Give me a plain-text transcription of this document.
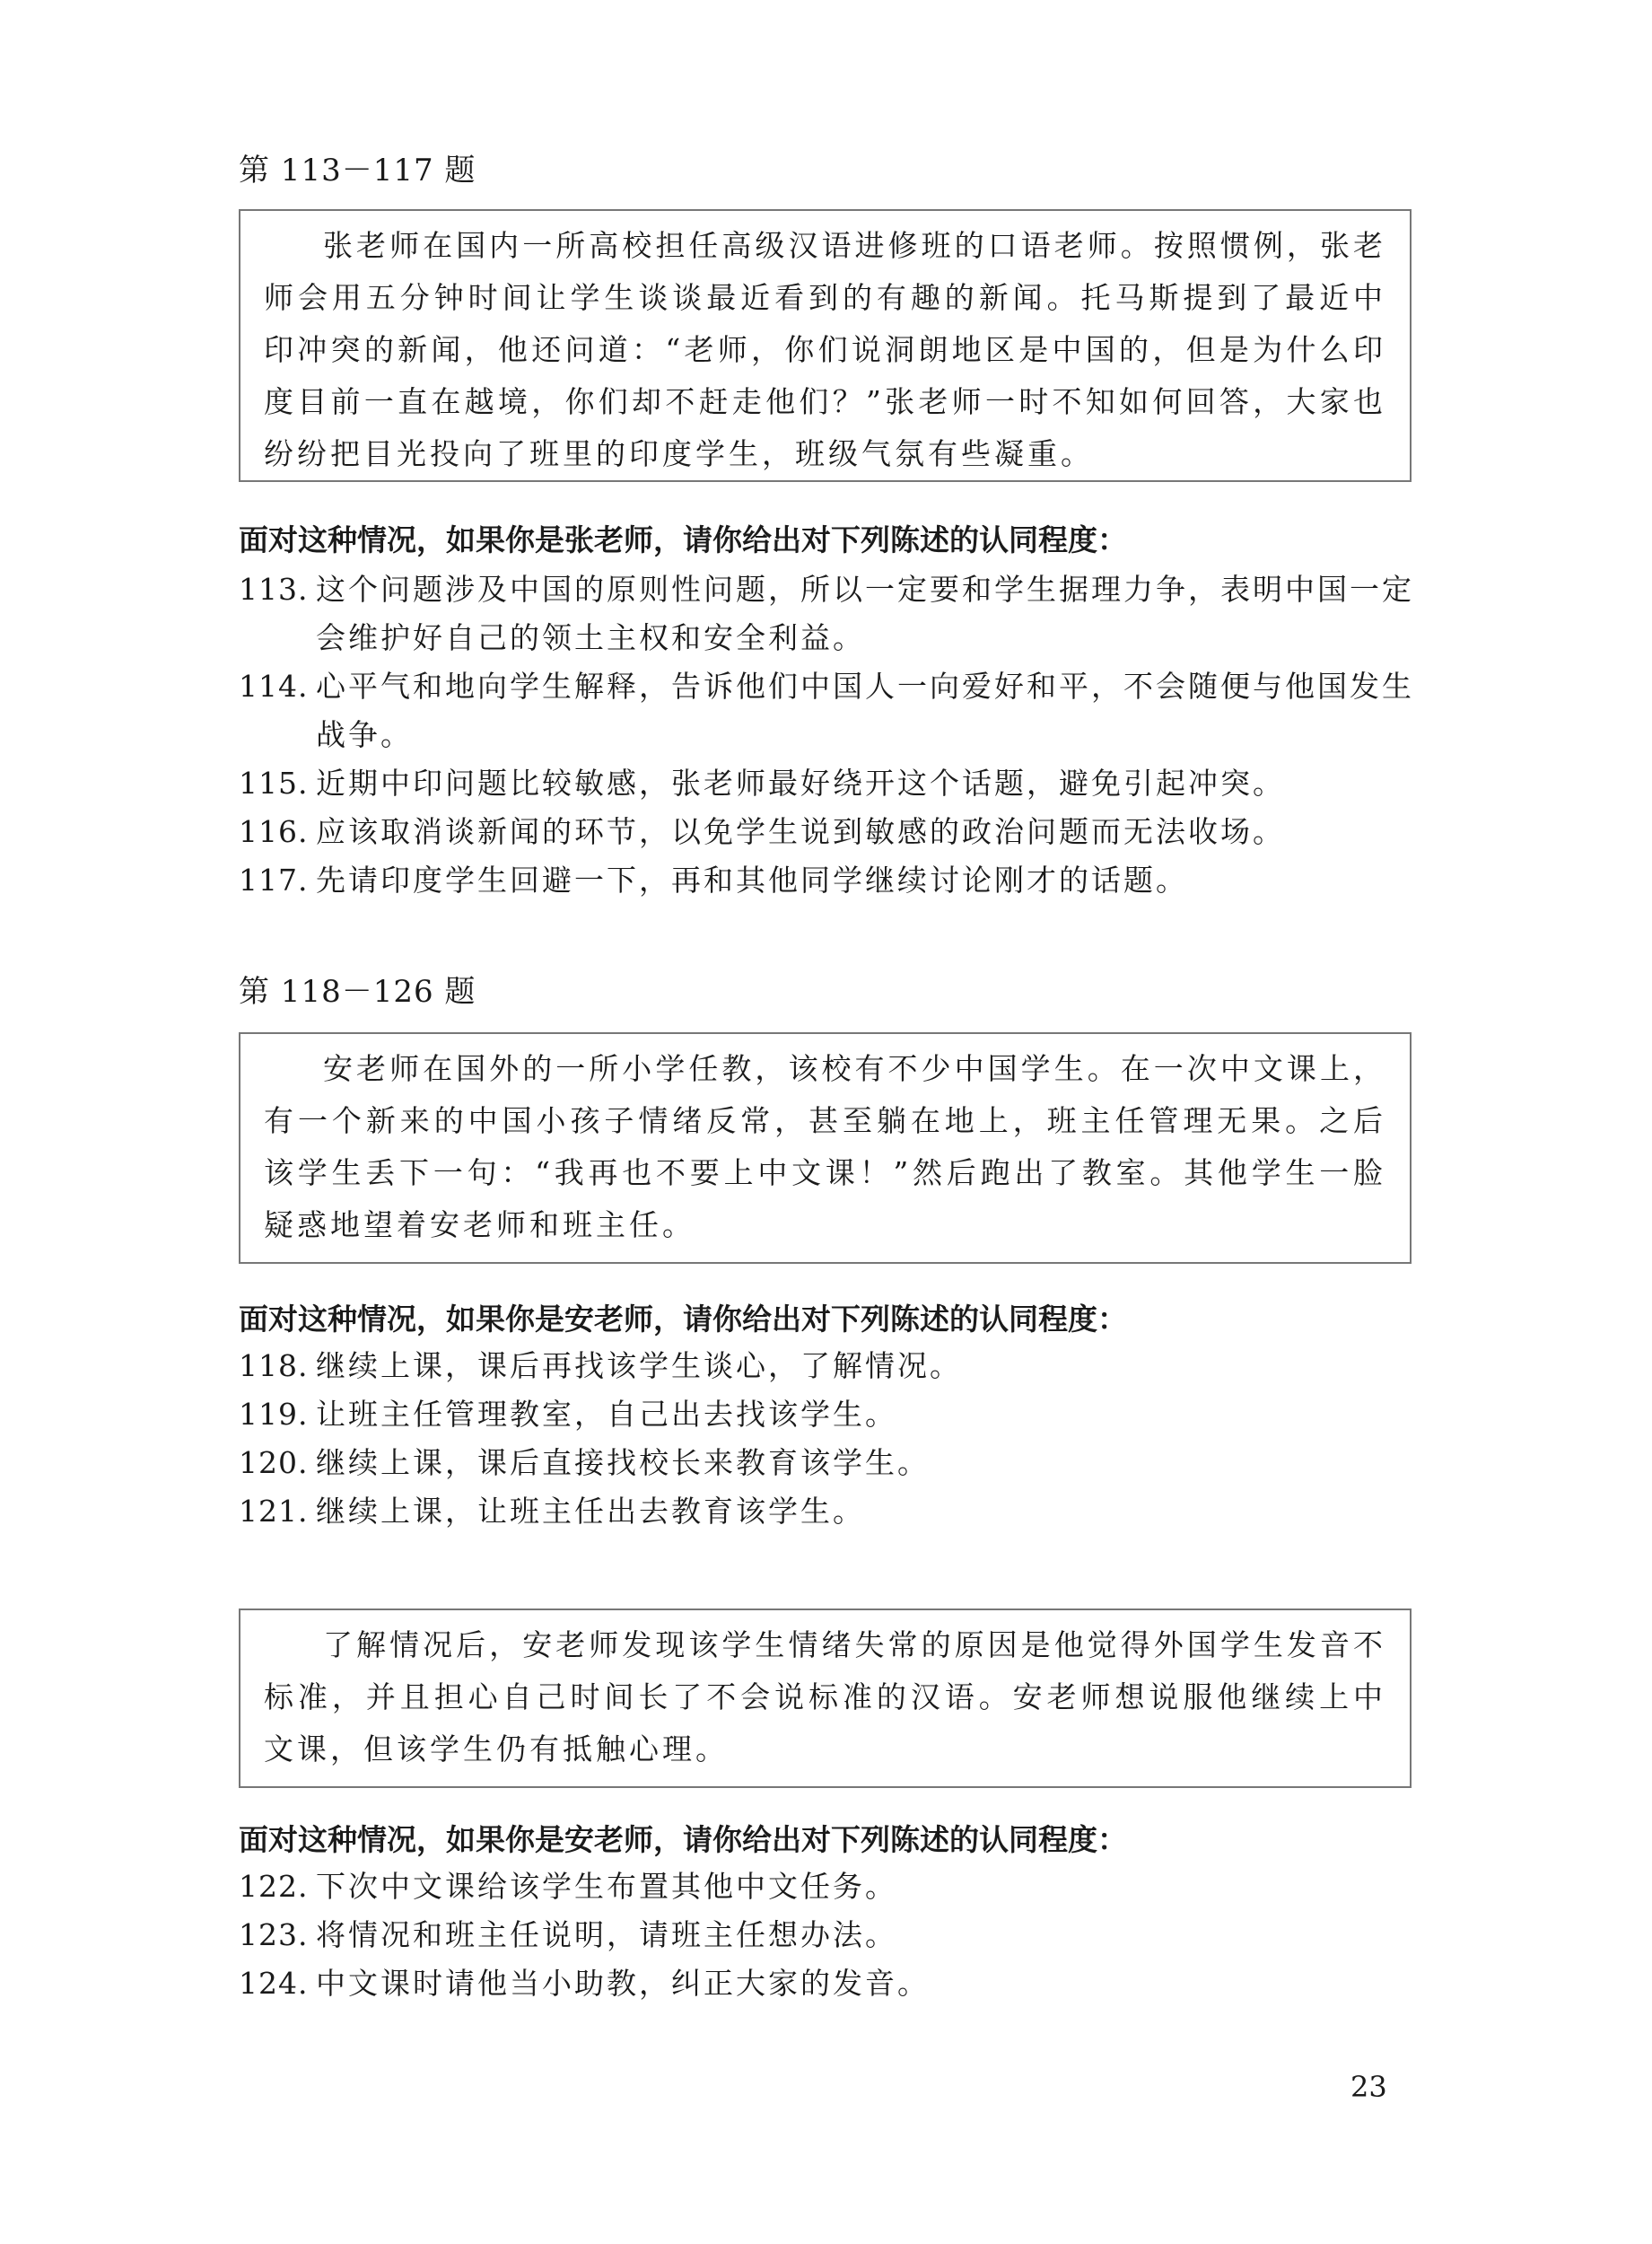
第 113－117 题
张老师在国内一所高校担任高级汉语进修班的口语老师。按照惯例，张老师会用五分钟时间让学生谈谈最近看到的有趣的新闻。托马斯提到了最近中印冲突的新闻，他还问道：“老师，你们说洞朗地区是中国的，但是为什么印度目前一直在越境，你们却不赶走他们？”张老师一时不知如何回答，大家也纷纷把目光投向了班里的印度学生，班级气氛有些凝重。
面对这种情况，如果你是张老师，请你给出对下列陈述的认同程度：
113. 这个问题涉及中国的原则性问题，所以一定要和学生据理力争，表明中国一定会维护好自己的领土主权和安全利益。
114. 心平气和地向学生解释，告诉他们中国人一向爱好和平，不会随便与他国发生战争。
115. 近期中印问题比较敏感，张老师最好绕开这个话题，避免引起冲突。
116. 应该取消谈新闻的环节，以免学生说到敏感的政治问题而无法收场。
117. 先请印度学生回避一下，再和其他同学继续讨论刚才的话题。
第 118－126 题
安老师在国外的一所小学任教，该校有不少中国学生。在一次中文课上，有一个新来的中国小孩子情绪反常，甚至躺在地上，班主任管理无果。之后该学生丢下一句：“我再也不要上中文课！”然后跑出了教室。其他学生一脸疑惑地望着安老师和班主任。
面对这种情况，如果你是安老师，请你给出对下列陈述的认同程度：
118. 继续上课，课后再找该学生谈心，了解情况。
119. 让班主任管理教室，自己出去找该学生。
120. 继续上课，课后直接找校长来教育该学生。
121. 继续上课，让班主任出去教育该学生。
了解情况后，安老师发现该学生情绪失常的原因是他觉得外国学生发音不标准，并且担心自己时间长了不会说标准的汉语。安老师想说服他继续上中文课，但该学生仍有抵触心理。
面对这种情况，如果你是安老师，请你给出对下列陈述的认同程度：
122. 下次中文课给该学生布置其他中文任务。
123. 将情况和班主任说明，请班主任想办法。
124. 中文课时请他当小助教，纠正大家的发音。
23
